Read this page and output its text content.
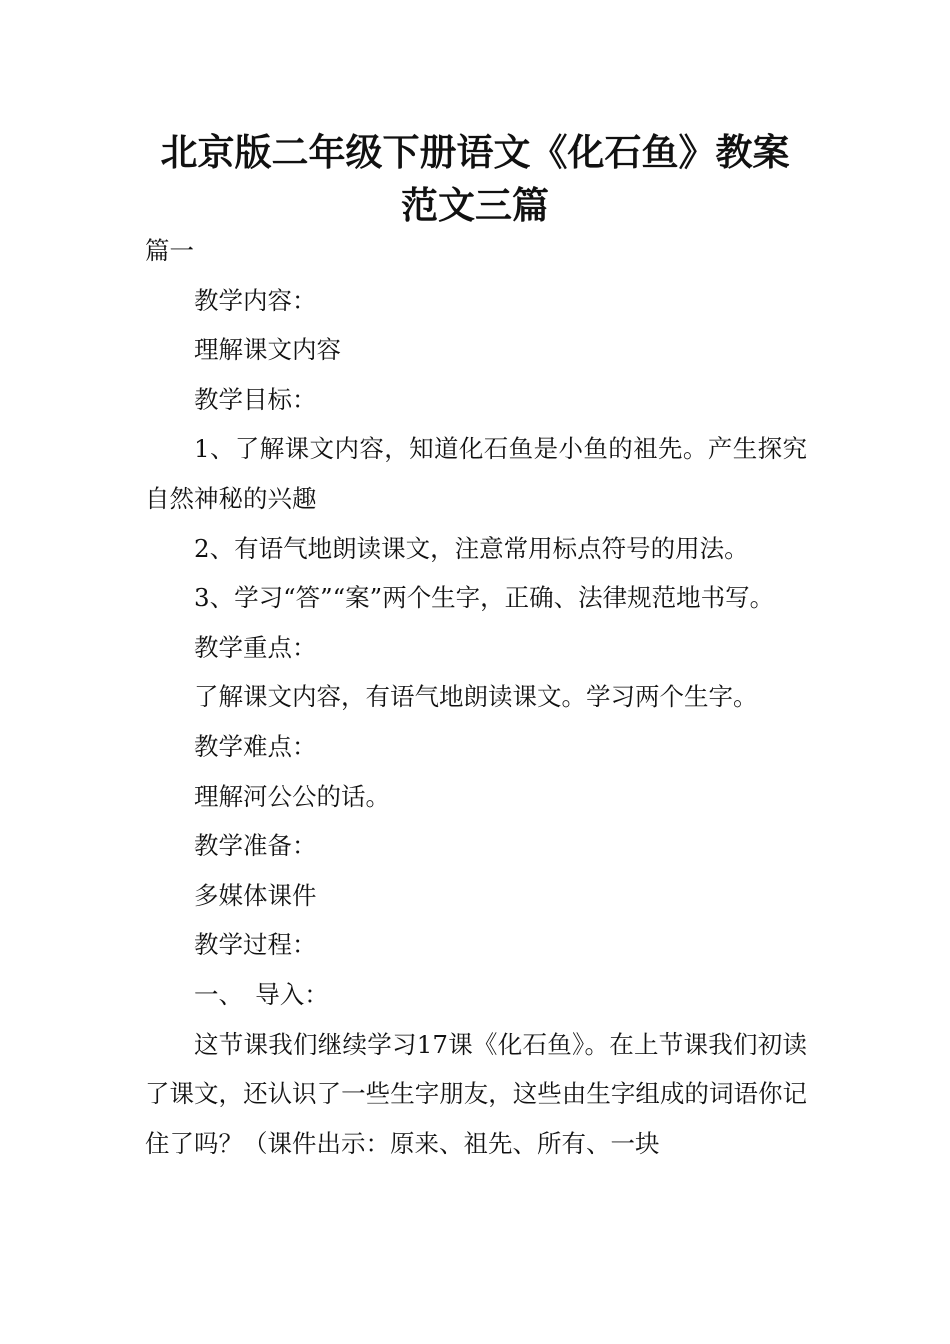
北京版二年级下册语文《化石鱼》教案范文三篇

篇一

教学内容：

理解课文内容

教学目标：

1、了解课文内容，知道化石鱼是小鱼的祖先。产生探究自然神秘的兴趣

2、有语气地朗读课文，注意常用标点符号的用法。

3、学习“答”“案”两个生字，正确、法律规范地书写。

教学重点：

了解课文内容，有语气地朗读课文。学习两个生字。

教学难点：

理解河公公的话。

教学准备：

多媒体课件

教学过程：

一、　导入：

这节课我们继续学习17课《化石鱼》。在上节课我们初读了课文，还认识了一些生字朋友，这些由生字组成的词语你记住了吗？（课件出示：原来、祖先、所有、一块
